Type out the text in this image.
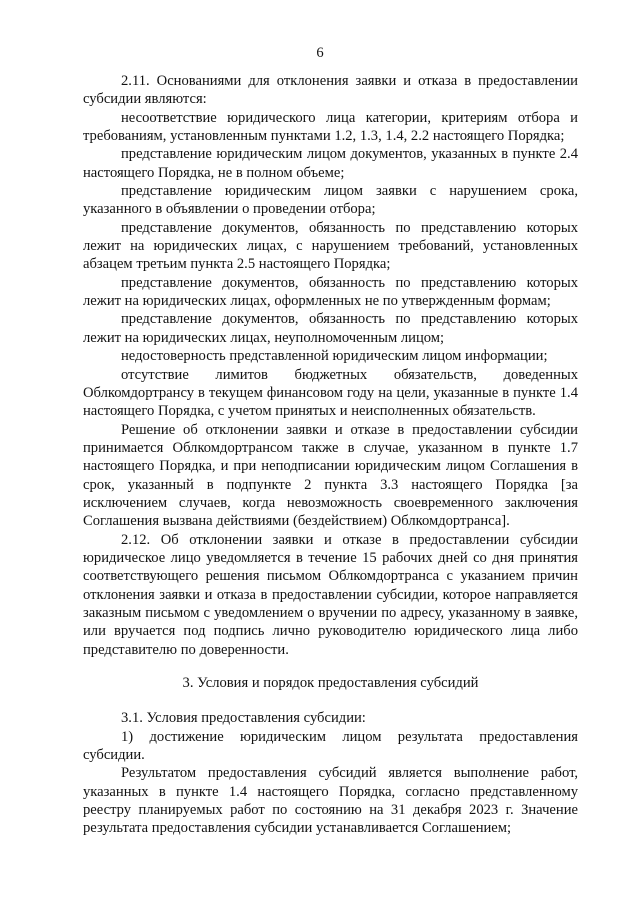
6

2.11. Основаниями для отклонения заявки и отказа в предоставлении субсидии являются:

несоответствие юридического лица категории, критериям отбора и требованиям, установленным пунктами 1.2, 1.3, 1.4, 2.2 настоящего Порядка;

представление юридическим лицом документов, указанных в пункте 2.4 настоящего Порядка, не в полном объеме;

представление юридическим лицом заявки с нарушением срока, указанного в объявлении о проведении отбора;

представление документов, обязанность по представлению которых лежит на юридических лицах, с нарушением требований, установленных абзацем третьим пункта 2.5 настоящего Порядка;

представление документов, обязанность по представлению которых лежит на юридических лицах, оформленных не по утвержденным формам;

представление документов, обязанность по представлению которых лежит на юридических лицах, неуполномоченным лицом;

недостоверность представленной юридическим лицом информации;

отсутствие лимитов бюджетных обязательств, доведенных Облкомдортрансу в текущем финансовом году на цели, указанные в пункте 1.4 настоящего Порядка, с учетом принятых и неисполненных обязательств.

Решение об отклонении заявки и отказе в предоставлении субсидии принимается Облкомдортрансом также в случае, указанном в пункте 1.7 настоящего Порядка, и при неподписании юридическим лицом Соглашения в срок, указанный в подпункте 2 пункта 3.3 настоящего Порядка [за исключением случаев, когда невозможность своевременного заключения Соглашения вызвана действиями (бездействием) Облкомдортранса].

2.12. Об отклонении заявки и отказе в предоставлении субсидии юридическое лицо уведомляется в течение 15 рабочих дней со дня принятия соответствующего решения письмом Облкомдортранса с указанием причин отклонения заявки и отказа в предоставлении субсидии, которое направляется заказным письмом с уведомлением о вручении по адресу, указанному в заявке, или вручается под подпись лично руководителю юридического лица либо представителю по доверенности.

3. Условия и порядок предоставления субсидий

3.1. Условия предоставления субсидии:

1) достижение юридическим лицом результата предоставления субсидии.

Результатом предоставления субсидий является выполнение работ, указанных в пункте 1.4 настоящего Порядка, согласно представленному реестру планируемых работ по состоянию на 31 декабря 2023 г. Значение результата предоставления субсидии устанавливается Соглашением;
